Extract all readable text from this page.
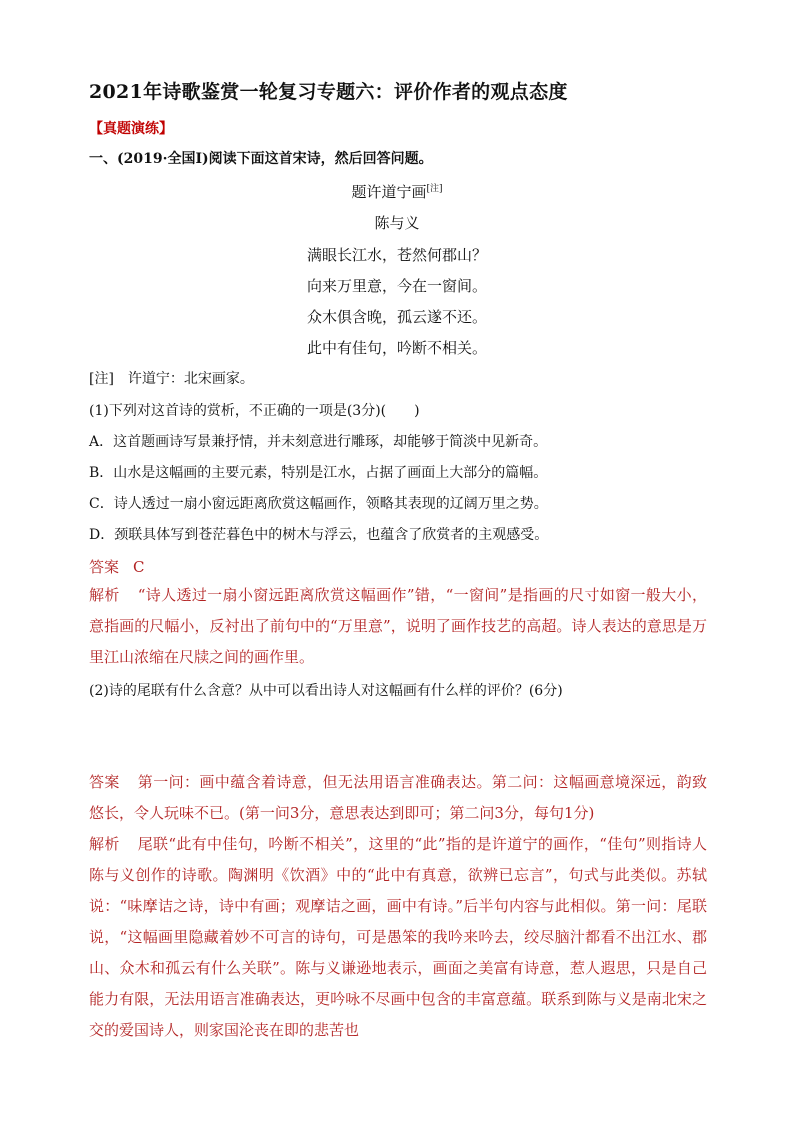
2021年诗歌鉴赏一轮复习专题六：评价作者的观点态度
【真题演练】
一、(2019·全国Ⅰ)阅读下面这首宋诗，然后回答问题。
题许道宁画[注]
陈与义
满眼长江水，苍然何郡山？
向来万里意，今在一窗间。
众木俱含晚，孤云遂不还。
此中有佳句，吟断不相关。
[注]　许道宁：北宋画家。
(1)下列对这首诗的赏析，不正确的一项是(3分)(　　)
A．这首题画诗写景兼抒情，并未刻意进行雕琢，却能够于简淡中见新奇。
B．山水是这幅画的主要元素，特别是江水，占据了画面上大部分的篇幅。
C．诗人透过一扇小窗远距离欣赏这幅画作，领略其表现的辽阔万里之势。
D．颈联具体写到苍茫暮色中的树木与浮云，也蕴含了欣赏者的主观感受。
答案 C
解析 “诗人透过一扇小窗远距离欣赏这幅画作”错，“一窗间”是指画的尺寸如窗一般大小，意指画的尺幅小，反衬出了前句中的“万里意”，说明了画作技艺的高超。诗人表达的意思是万里江山浓缩在尺牍之间的画作里。
(2)诗的尾联有什么含意？从中可以看出诗人对这幅画有什么样的评价？(6分)
答案 第一问：画中蕴含着诗意，但无法用语言准确表达。第二问：这幅画意境深远，韵致悠长，令人玩味不已。(第一问3分，意思表达到即可；第二问3分，每句1分)
解析 尾联“此有中佳句，吟断不相关”，这里的“此”指的是许道宁的画作，“佳句”则指诗人陈与义创作的诗歌。陶渊明《饮酒》中的“此中有真意，欲辨已忘言”，句式与此类似。苏轼说：“味摩诘之诗，诗中有画；观摩诘之画，画中有诗。”后半句内容与此相似。第一问：尾联说，“这幅画里隐藏着妙不可言的诗句，可是愚笨的我吟来吟去，绞尽脑汁都看不出江水、郡山、众木和孤云有什么关联”。陈与义谦逊地表示，画面之美富有诗意，惹人遐思，只是自己能力有限，无法用语言准确表达，更吟咏不尽画中包含的丰富意蕴。联系到陈与义是南北宋之交的爱国诗人，则家国沦丧在即的悲苦也
